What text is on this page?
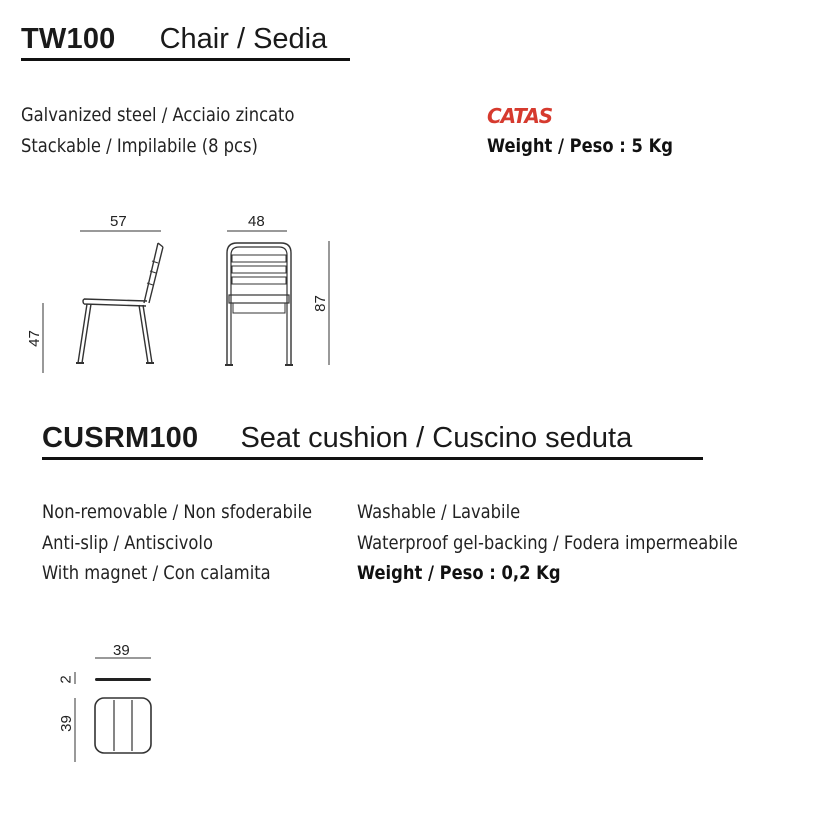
TW100 Chair / Sedia
Galvanized steel / Acciaio zincato
Stackable / Impilabile (8 pcs)
CATAS
Weight / Peso : 5 Kg
57
47
48
87
CUSRM100 Seat cushion / Cuscino seduta
Non-removable / Non sfoderabile
Anti-slip / Antiscivolo
With magnet / Con calamita
Washable / Lavabile
Waterproof gel-backing / Fodera impermeabile
Weight / Peso : 0,2 Kg
39
2
39
